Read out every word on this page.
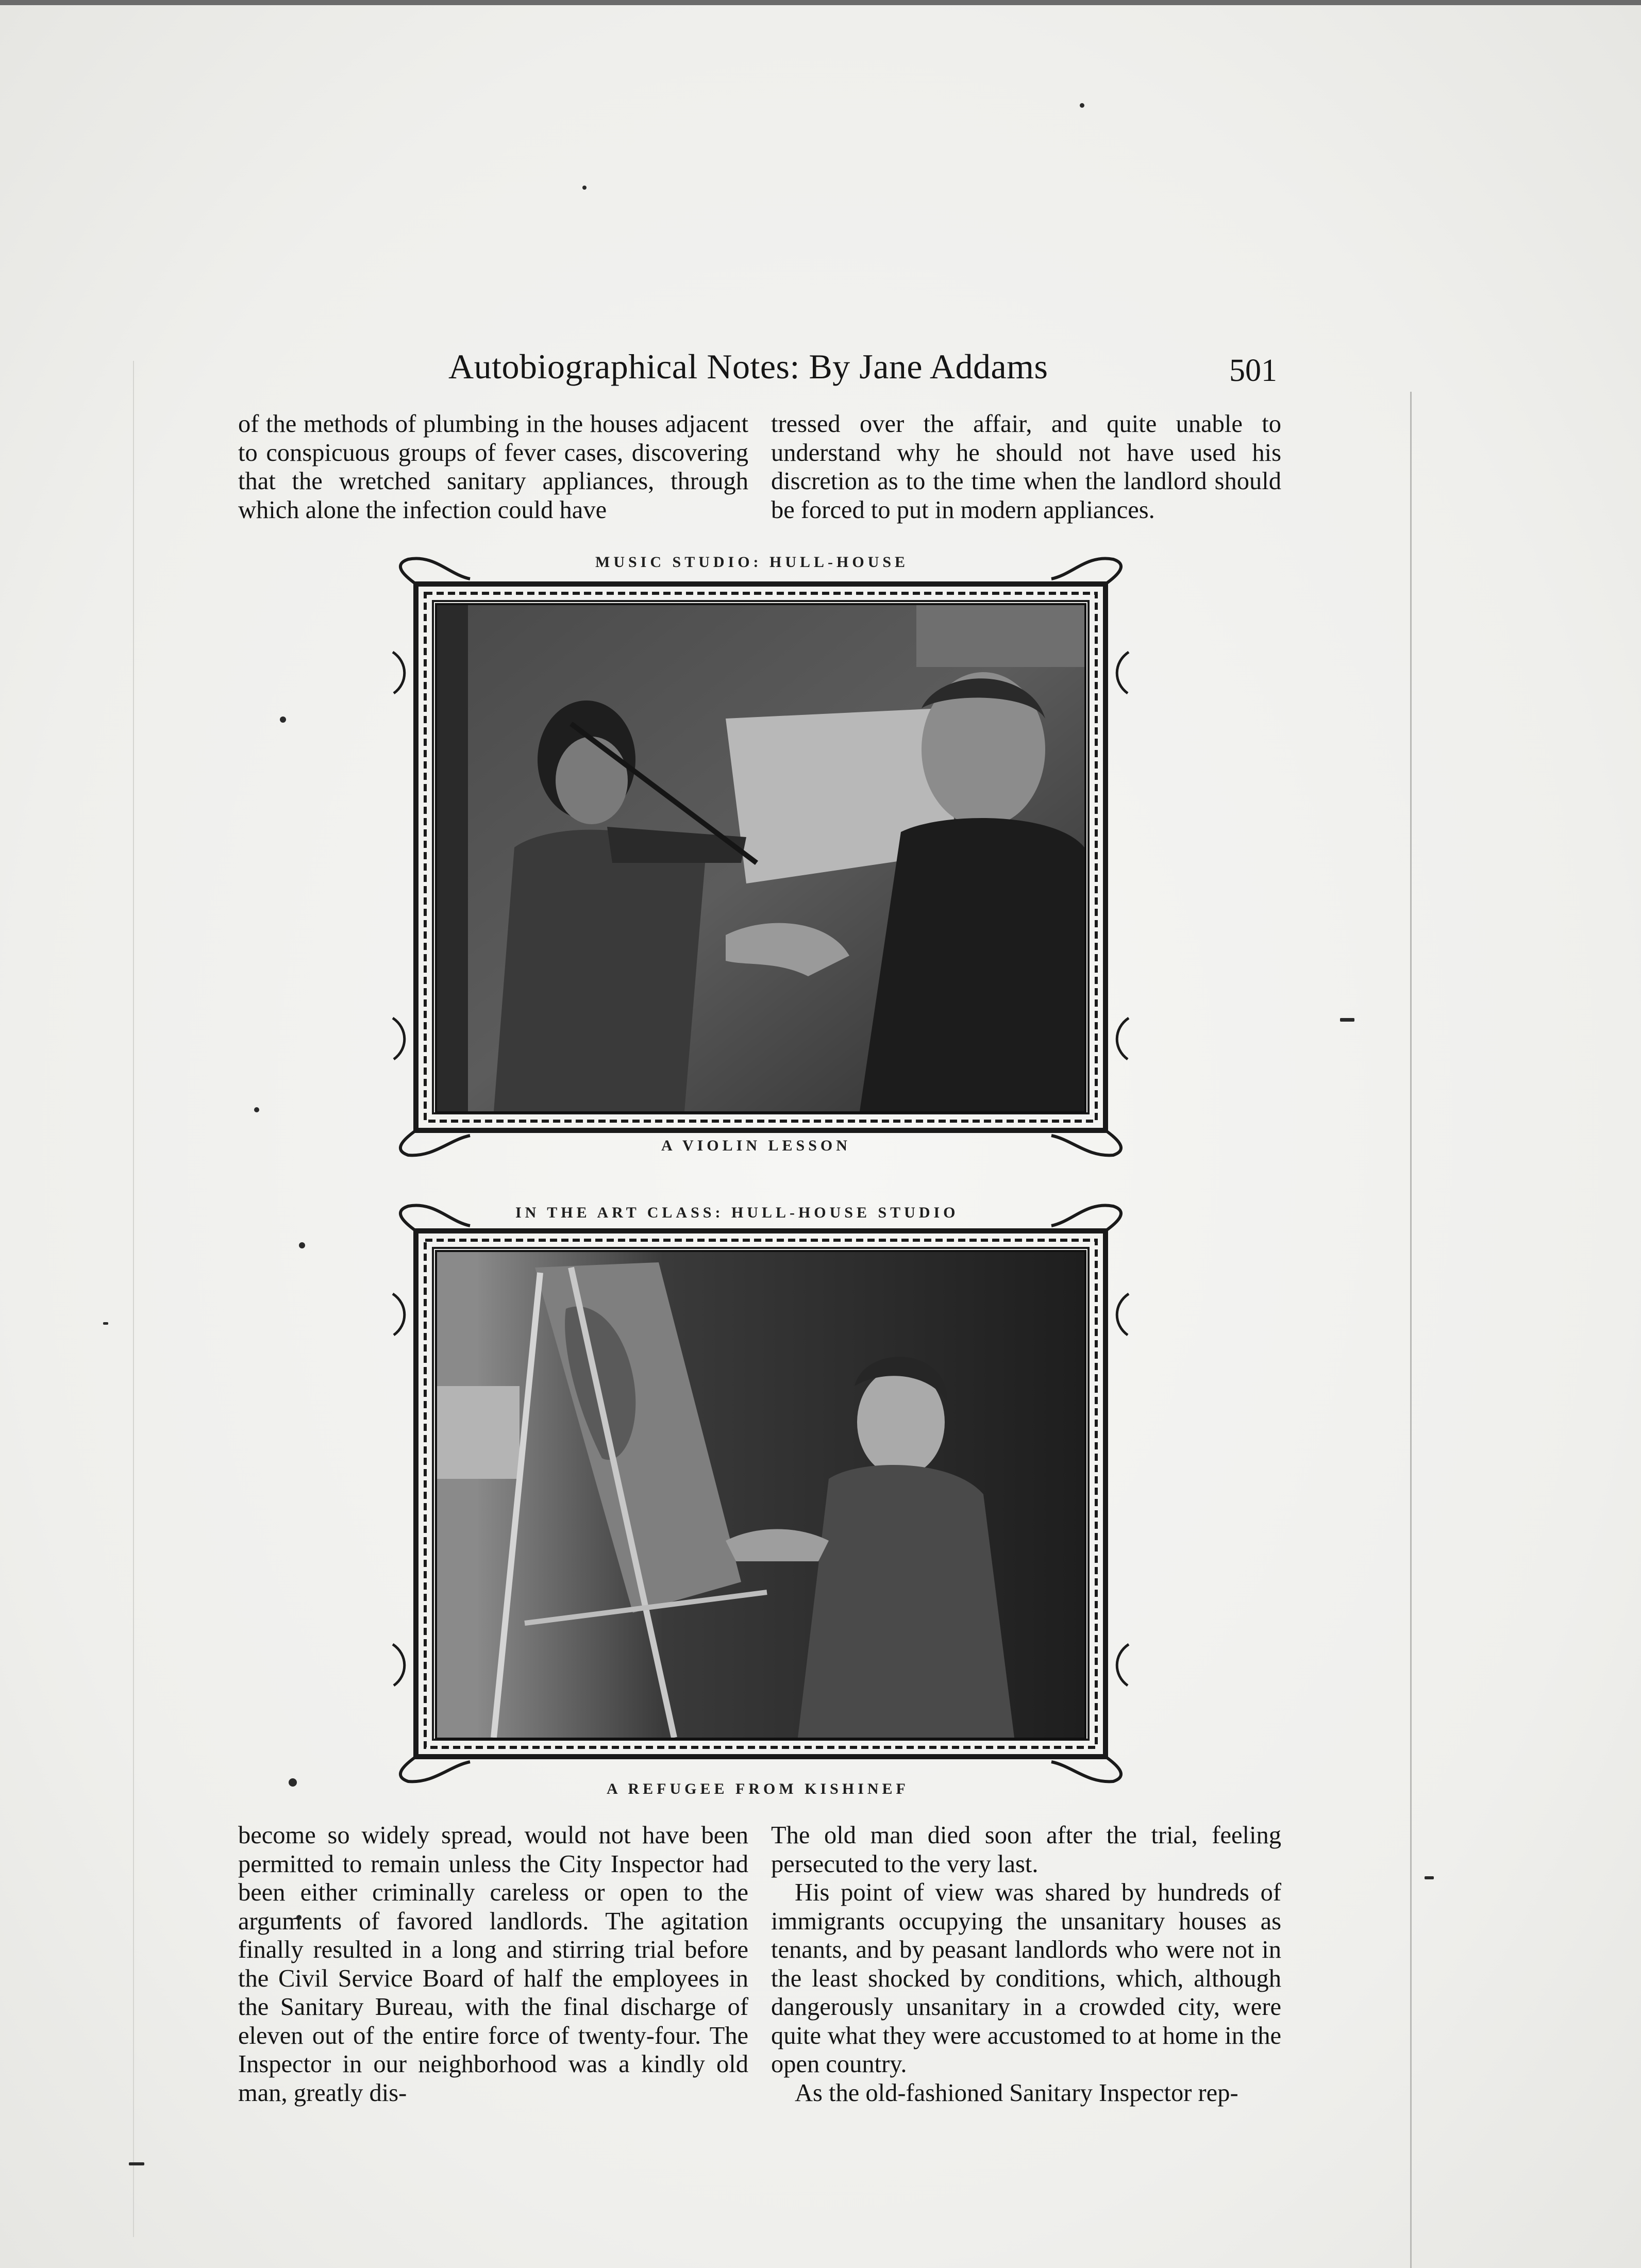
Autobiographical Notes: By Jane Addams	501

of the methods of plumbing in the houses adjacent to conspicuous groups of fever cases, discovering that the wretched sanitary appliances, through which alone the infection could have

tressed over the affair, and quite unable to understand why he should not have used his discretion as to the time when the landlord should be forced to put in modern appliances.

MUSIC STUDIO: HULL-HOUSE
A VIOLIN LESSON
IN THE ART CLASS: HULL-HOUSE STUDIO
A REFUGEE FROM KISHINEF

become so widely spread, would not have been permitted to remain unless the City Inspector had been either criminally careless or open to the arguments of favored landlords. The agitation finally resulted in a long and stirring trial before the Civil Service Board of half the employees in the Sanitary Bureau, with the final discharge of eleven out of the entire force of twenty-four. The Inspector in our neighborhood was a kindly old man, greatly dis-

The old man died soon after the trial, feeling persecuted to the very last.

His point of view was shared by hundreds of immigrants occupying the unsanitary houses as tenants, and by peasant landlords who were not in the least shocked by conditions, which, although dangerously unsanitary in a crowded city, were quite what they were accustomed to at home in the open country.

As the old-fashioned Sanitary Inspector rep-
